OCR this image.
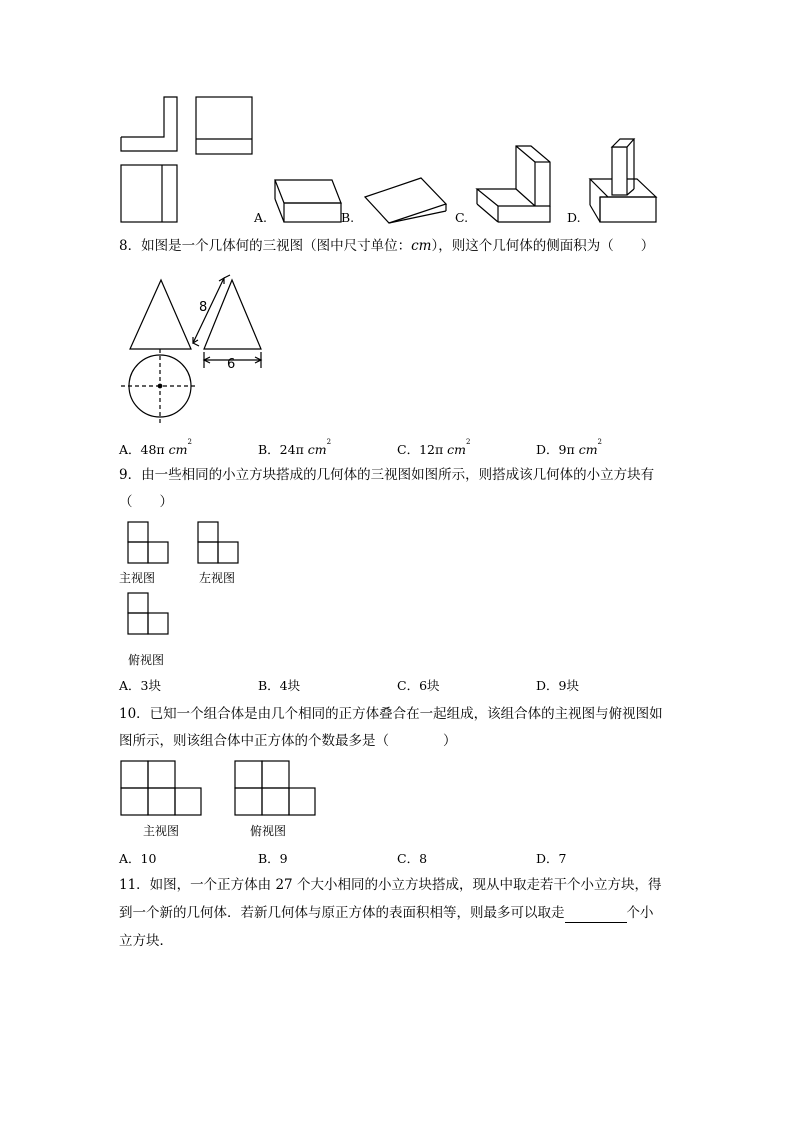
A.	B.	C.	D.
8．如图是一个几体何的三视图（图中尺寸单位：cm），则这个几何体的侧面积为（　　）
8
6
A．48π $cm^2$	B．24π $cm^2$	C．12π $cm^2$	D．9π $cm^2$
9．由一些相同的小立方块搭成的几何体的三视图如图所示，则搭成该几何体的小立方块有
（　　）
主视图	左视图
俯视图
A．3块	B．4块	C．6块	D．9块
10．已知一个组合体是由几个相同的正方体叠合在一起组成，该组合体的主视图与俯视图如
图所示，则该组合体中正方体的个数最多是（　　　　）
主视图	俯视图
A．10	B．9	C．8	D．7
11．如图，一个正方体由 27 个大小相同的小立方块搭成，现从中取走若干个小立方块，得
到一个新的几何体．若新几何体与原正方体的表面积相等，则最多可以取走	个小
立方块．
